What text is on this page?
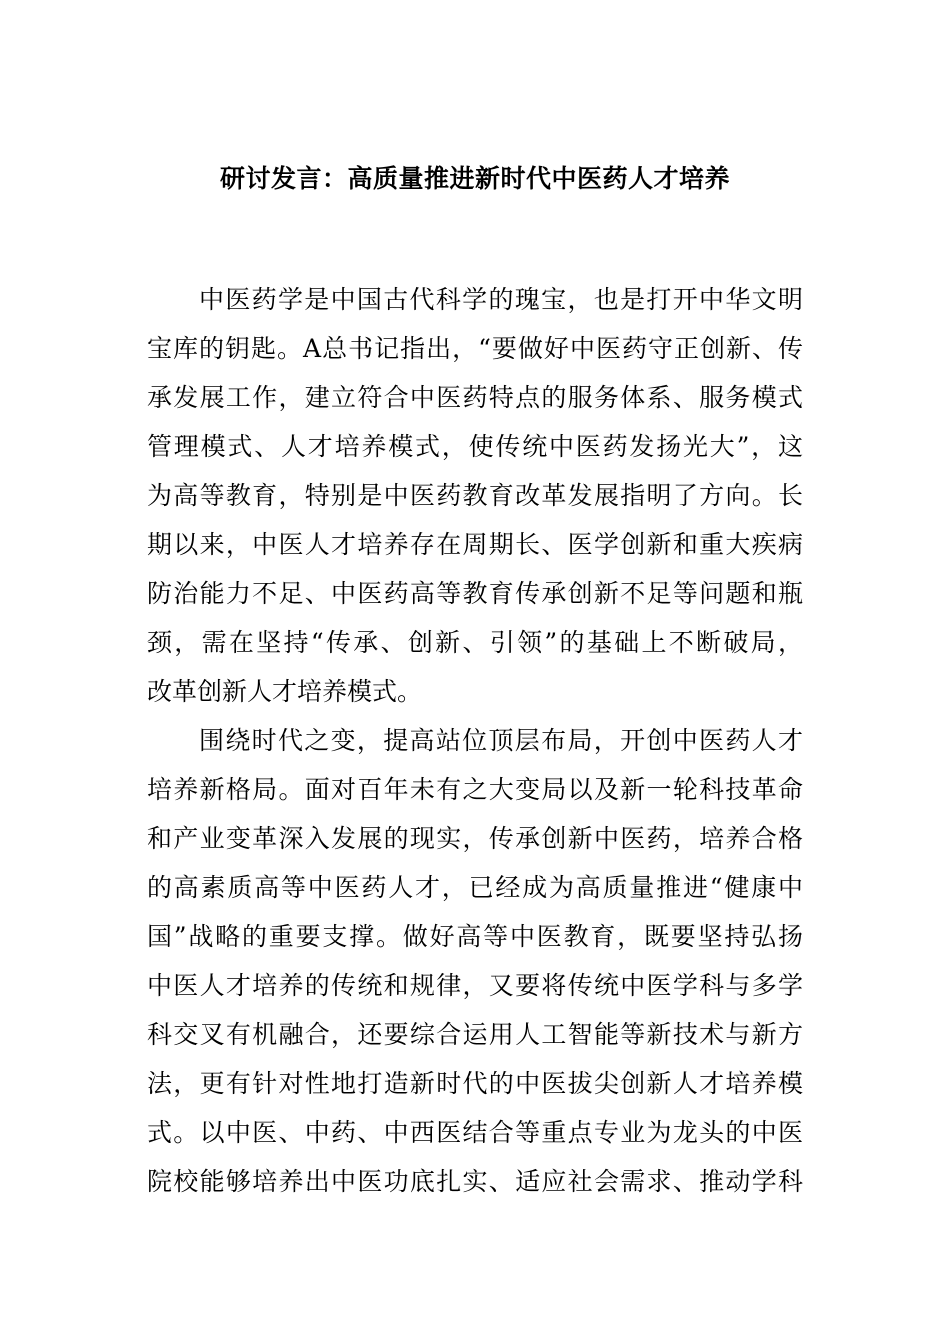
研讨发言：高质量推进新时代中医药人才培养
中医药学是中国古代科学的瑰宝，也是打开中华文明
宝库的钥匙。A总书记指出，“要做好中医药守正创新、传
承发展工作，建立符合中医药特点的服务体系、服务模式
管理模式、人才培养模式，使传统中医药发扬光大”，这
为高等教育，特别是中医药教育改革发展指明了方向。长
期以来，中医人才培养存在周期长、医学创新和重大疾病
防治能力不足、中医药高等教育传承创新不足等问题和瓶
颈，需在坚持“传承、创新、引领”的基础上不断破局，
改革创新人才培养模式。
围绕时代之变，提高站位顶层布局，开创中医药人才
培养新格局。面对百年未有之大变局以及新一轮科技革命
和产业变革深入发展的现实，传承创新中医药，培养合格
的高素质高等中医药人才，已经成为高质量推进“健康中
国”战略的重要支撑。做好高等中医教育，既要坚持弘扬
中医人才培养的传统和规律，又要将传统中医学科与多学
科交叉有机融合，还要综合运用人工智能等新技术与新方
法，更有针对性地打造新时代的中医拔尖创新人才培养模
式。以中医、中药、中西医结合等重点专业为龙头的中医
院校能够培养出中医功底扎实、适应社会需求、推动学科
